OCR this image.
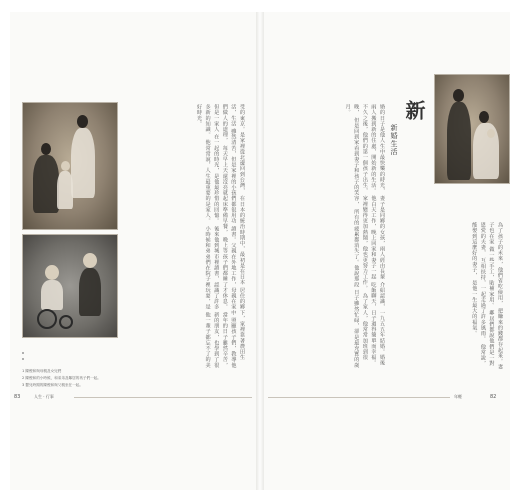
1 陳俊和與母親及女兒們
2 陳俊和的小時候，和弟弟及鄰居的孩子們一起。
3 嬰兒時期的陳俊和與父親坐在一起。
受的東京。是家裡從北邊回到台灣， 在日本的統治時期中，最初是在日本 居住的鄉下，家裡靠著農田生活，生活 雖然清苦，但是家裡的小孩們都很用功 讀書。父親在外地工作，母親在家中 照顧孩子們，教導他們做人的道理， 每天早上天還沒亮就起床準備早餐， 晚上等孩子們都睡了才休息。 當年的日子雖然辛苦，但是一家人 在一起的時光，是他最珍惜的回憶。 後來他到城市裡讀書，認識了許多 新的朋友，也學到了很多新的知識。 他常常說，人生最重要的是家人。 小時候和弟弟們在院子裡玩耍，是 他一輩子都忘不了的美好時光。
83	人生 · 行事
新
新婚生活
婚的日子是他人生中最快樂的時光， 妻子是同鄉的女孩，兩人經由長輩 介紹認識，一九五五年結婚。婚後 兩人搬到新的住處，開始新的生活。 他白天工作，晚上回家和妻子一起 吃飯聊天，日子過得簡單而幸福。 不久之後，他們的第一個孩子出生， 家裡變得更加熱鬧，他也更努力工作。 為了家人，他常常加班到很晚， 但是回到家看到妻子和孩子的笑容， 所有的疲累都消失了。他說那段 日子雖然忙碌，卻是最充實的歲月。
為了孩子的未來，他們省吃儉用， 把賺來的錢都存起來。妻子也在家 做一些手工，貼補家用。 鄰居們都說他們是一對恩愛的夫妻， 互相扶持，一起走過了許多風雨。 他常說，能娶到這麼好的妻子， 是他一生最大的福氣。
年輕	82
